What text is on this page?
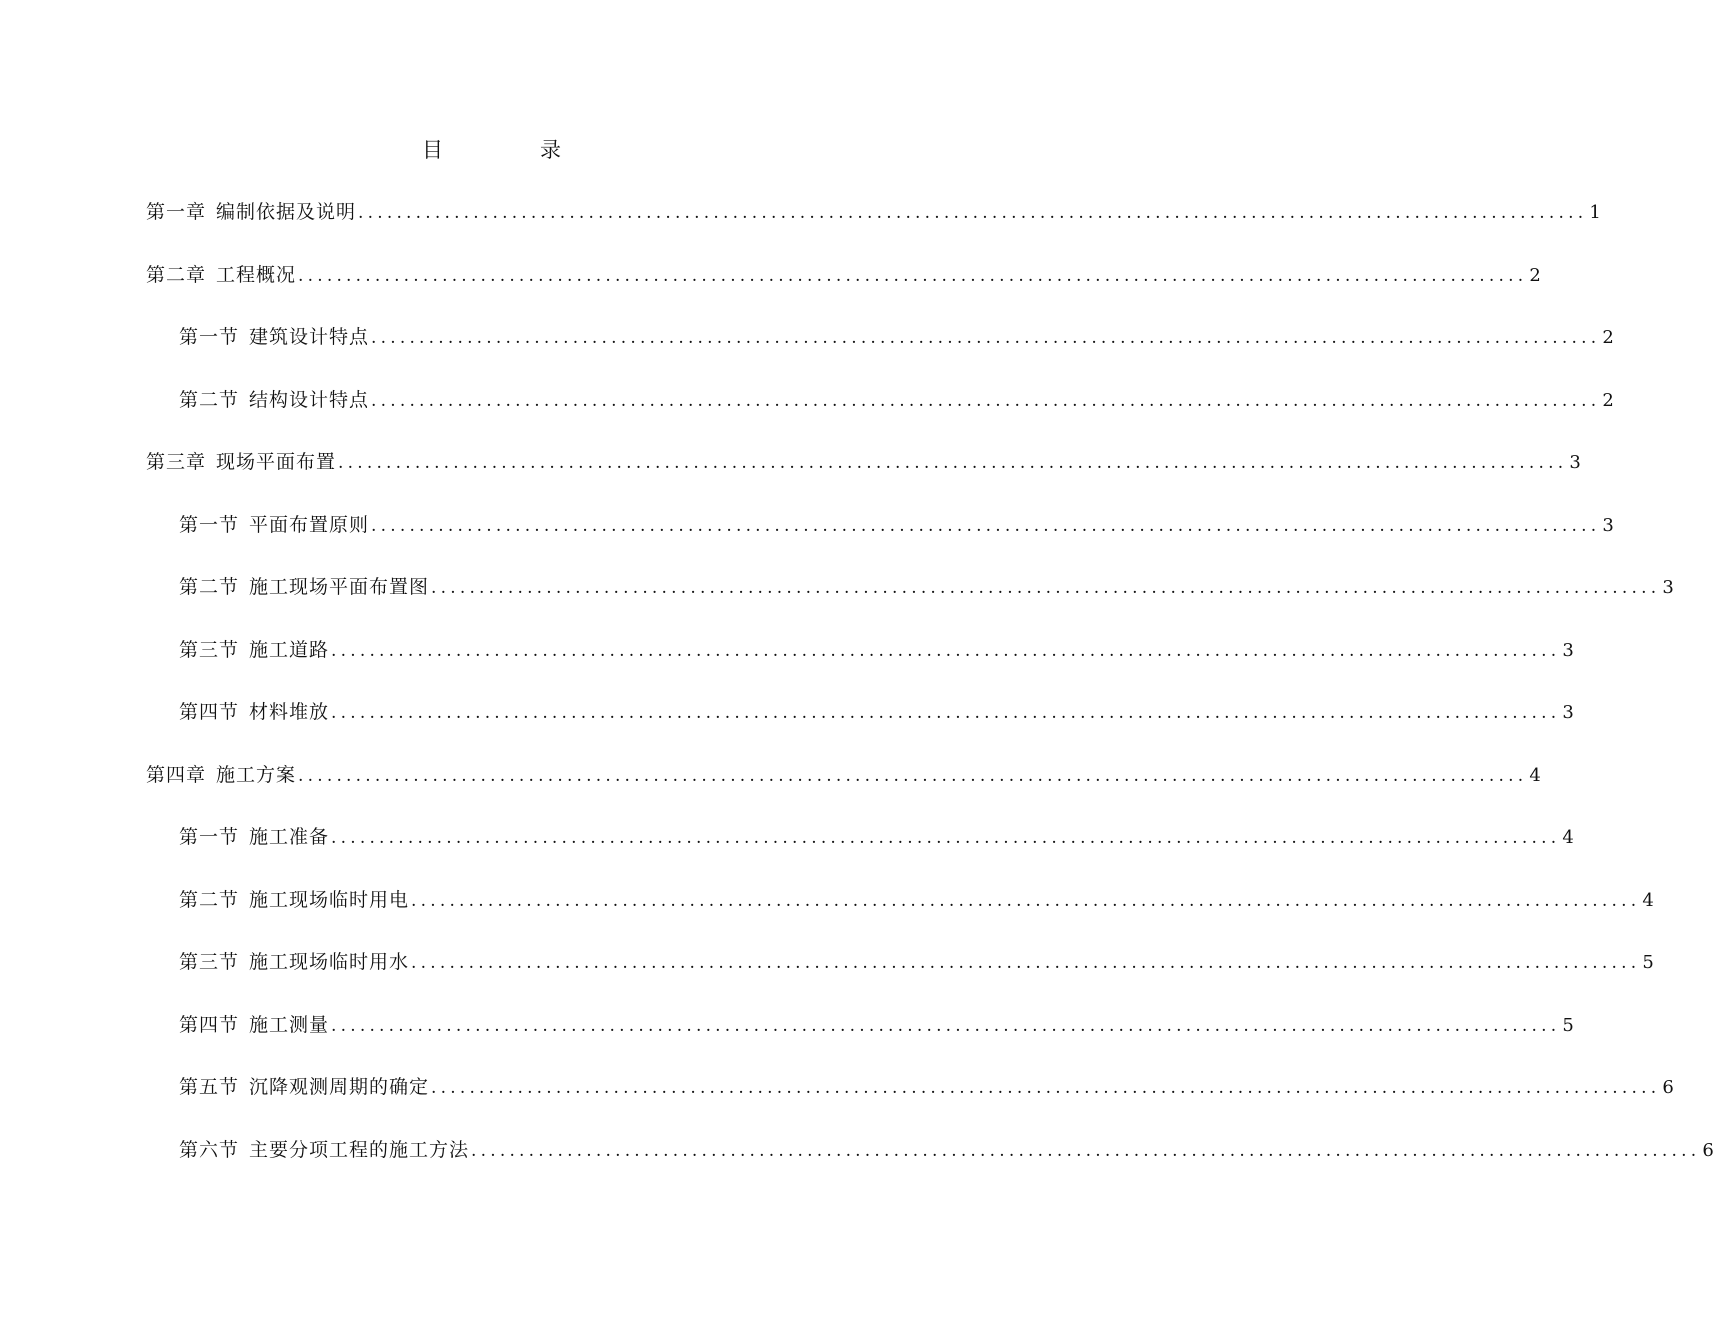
目	录
第一章 编制依据及说明 ................................................................................................................................ 1
第二章 工程概况 ................................................................................................................................ 2
第一节 建筑设计特点 ................................................................................................................................ 2
第二节 结构设计特点 ................................................................................................................................ 2
第三章 现场平面布置 ................................................................................................................................ 3
第一节 平面布置原则 ................................................................................................................................ 3
第二节 施工现场平面布置图 ................................................................................................................................ 3
第三节 施工道路 ................................................................................................................................ 3
第四节 材料堆放 ................................................................................................................................ 3
第四章 施工方案 ................................................................................................................................ 4
第一节 施工准备 ................................................................................................................................ 4
第二节 施工现场临时用电 ................................................................................................................................ 4
第三节 施工现场临时用水 ................................................................................................................................ 5
第四节 施工测量 ................................................................................................................................ 5
第五节 沉降观测周期的确定 ................................................................................................................................ 6
第六节 主要分项工程的施工方法 ................................................................................................................................ 6
